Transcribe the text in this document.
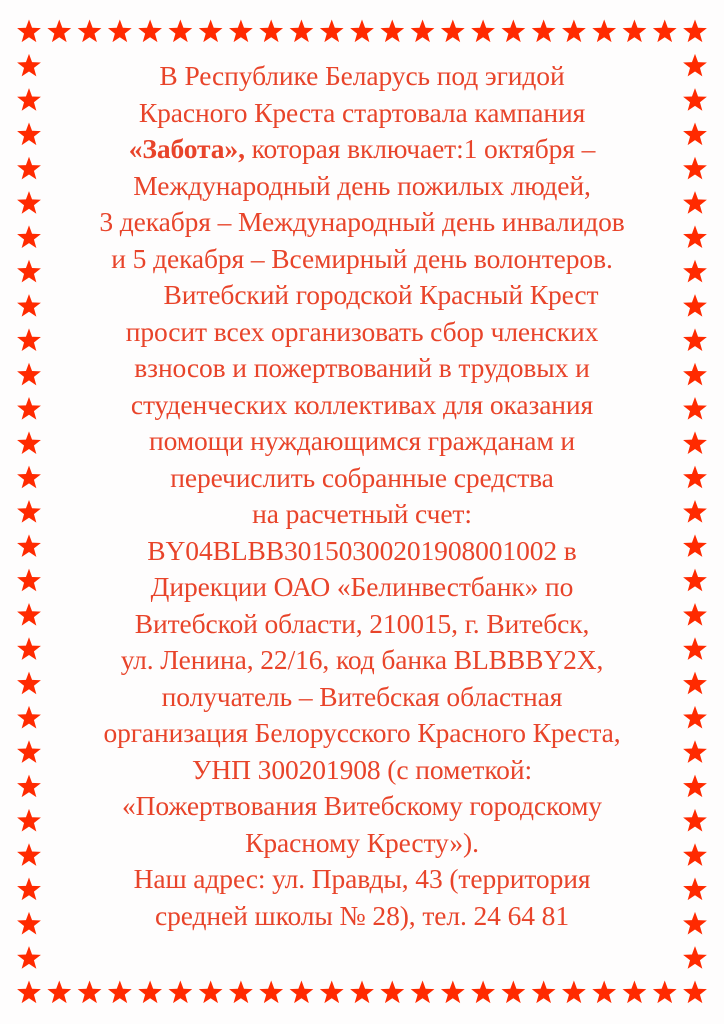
В Республике Беларусь под эгидой
Красного Креста стартовала кампания
«Забота», которая включает:1 октября –
Международный день пожилых людей,
3 декабря – Международный день инвалидов
и 5 декабря – Всемирный день волонтеров.
Витебский городской Красный Крест
просит всех организовать сбор членских
взносов и пожертвований в трудовых и
студенческих коллективах для оказания
помощи нуждающимся гражданам и
перечислить собранные средства
на расчетный счет:
BY04BLBB30150300201908001002 в
Дирекции ОАО «Белинвестбанк» по
Витебской области, 210015, г. Витебск,
ул. Ленина, 22/16, код банка BLBBBY2X,
получатель – Витебская областная
организация Белорусского Красного Креста,
УНП 300201908 (с пометкой:
«Пожертвования Витебскому городскому
Красному Кресту»).
Наш адрес: ул. Правды, 43 (территория
средней школы № 28), тел. 24 64 81
